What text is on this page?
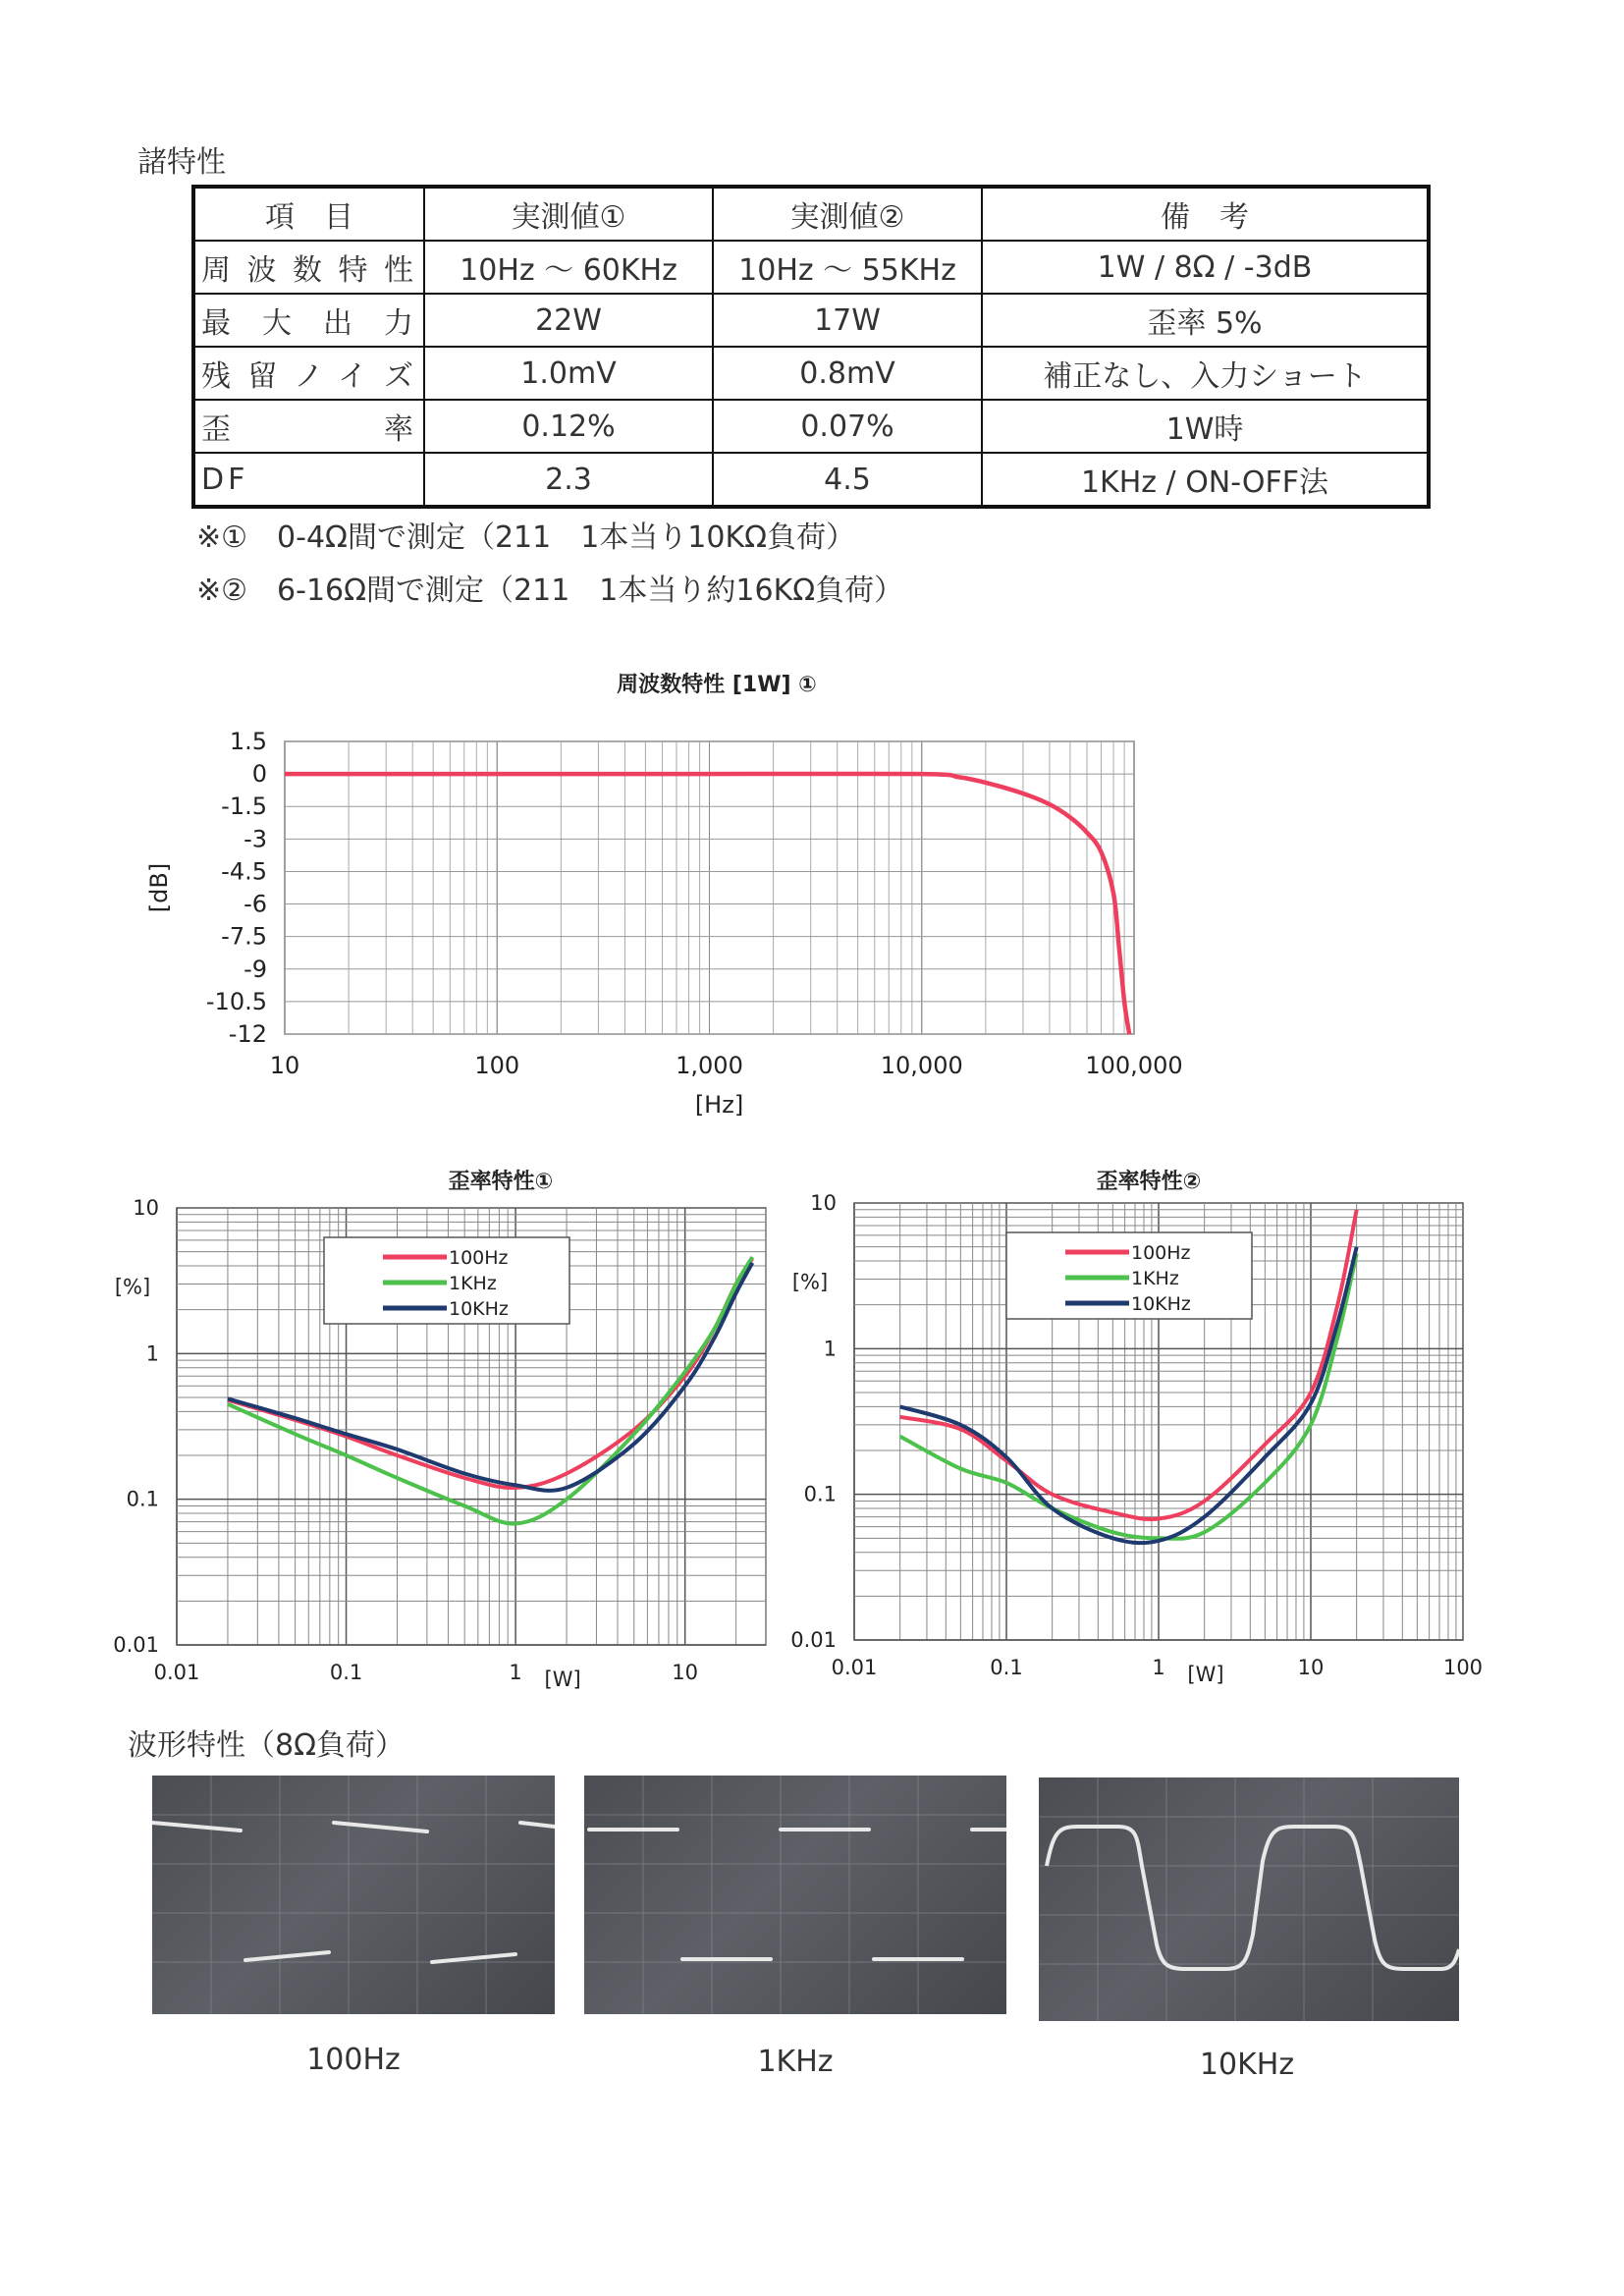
諸特性
項　目	実測値①	実測値②	備　考
周波数特性	10Hz ～ 60KHz	10Hz ～ 55KHz	1W / 8Ω / -3dB
最大出力	22W	17W	歪率 5%
残留ノイズ	1.0mV	0.8mV	補正なし、入力ショート
歪率	0.12%	0.07%	1W時
DF	2.3	4.5	1KHz / ON-OFF法
※①　0-4Ω間で測定（211　1本当り10KΩ負荷）
※②　6-16Ω間で測定（211　1本当り約16KΩ負荷）
周波数特性 [1W] ①
1.5
0
-1.5
-3
-4.5
-6
-7.5
-9
-10.5
-12
10	100	1,000	10,000	100,000
[Hz]
[dB]
歪率特性①
10
1
0.1
0.01
0.01	0.1	1	10
[W]
[%]
100Hz
1KHz
10KHz
歪率特性②
10
1
0.1
0.01
0.01	0.1	1	10	100
[W]
[%]
100Hz
1KHz
10KHz
波形特性（8Ω負荷）
100Hz	1KHz	10KHz
